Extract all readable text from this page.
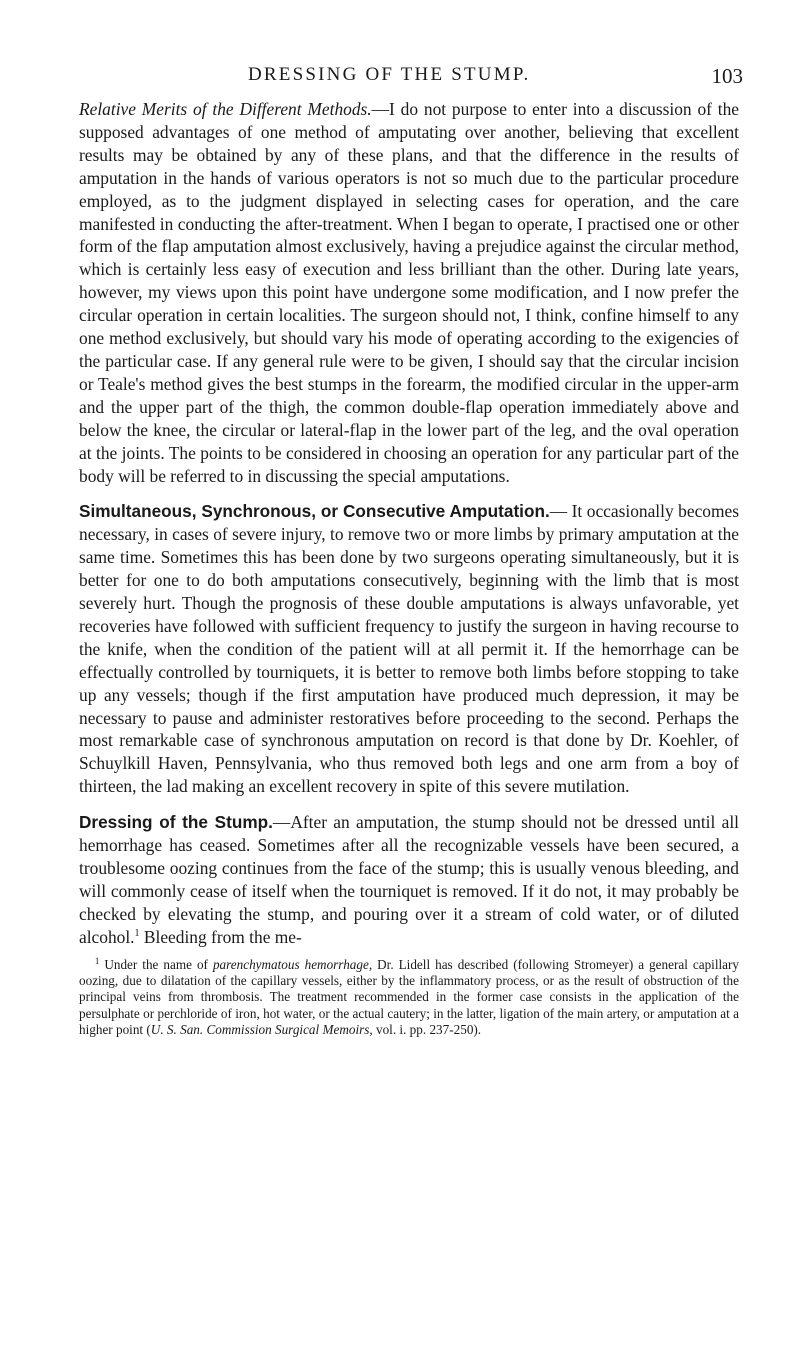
DRESSING OF THE STUMP.	103

Relative Merits of the Different Methods.—I do not purpose to enter into a discussion of the supposed advantages of one method of amputating over another, believing that excellent results may be obtained by any of these plans, and that the difference in the results of amputation in the hands of various operators is not so much due to the particular procedure employed, as to the judgment displayed in selecting cases for operation, and the care manifested in conducting the after-treatment. When I began to operate, I practised one or other form of the flap amputation almost exclusively, having a prejudice against the circular method, which is certainly less easy of execution and less brilliant than the other. During late years, however, my views upon this point have undergone some modification, and I now prefer the circular operation in certain localities. The surgeon should not, I think, confine himself to any one method exclusively, but should vary his mode of operating according to the exigencies of the particular case. If any general rule were to be given, I should say that the circular incision or Teale's method gives the best stumps in the forearm, the modified circular in the upper-arm and the upper part of the thigh, the common double-flap operation immediately above and below the knee, the circular or lateral-flap in the lower part of the leg, and the oval operation at the joints. The points to be considered in choosing an operation for any particular part of the body will be referred to in discussing the special amputations.

Simultaneous, Synchronous, or Consecutive Amputation.— It occasionally becomes necessary, in cases of severe injury, to remove two or more limbs by primary amputation at the same time. Sometimes this has been done by two surgeons operating simultaneously, but it is better for one to do both amputations consecutively, beginning with the limb that is most severely hurt. Though the prognosis of these double amputations is always unfavorable, yet recoveries have followed with sufficient frequency to justify the surgeon in having recourse to the knife, when the condition of the patient will at all permit it. If the hemorrhage can be effectually controlled by tourniquets, it is better to remove both limbs before stopping to take up any vessels; though if the first amputation have produced much depression, it may be necessary to pause and administer restoratives before proceeding to the second. Perhaps the most remarkable case of synchronous amputation on record is that done by Dr. Koehler, of Schuylkill Haven, Pennsylvania, who thus removed both legs and one arm from a boy of thirteen, the lad making an excellent recovery in spite of this severe mutilation.

Dressing of the Stump.—After an amputation, the stump should not be dressed until all hemorrhage has ceased. Sometimes after all the recognizable vessels have been secured, a troublesome oozing continues from the face of the stump; this is usually venous bleeding, and will commonly cease of itself when the tourniquet is removed. If it do not, it may probably be checked by elevating the stump, and pouring over it a stream of cold water, or of diluted alcohol.$^1$ Bleeding from the me-

$^1$ Under the name of parenchymatous hemorrhage, Dr. Lidell has described (following Stromeyer) a general capillary oozing, due to dilatation of the capillary vessels, either by the inflammatory process, or as the result of obstruction of the principal veins from thrombosis. The treatment recommended in the former case consists in the application of the persulphate or perchloride of iron, hot water, or the actual cautery; in the latter, ligation of the main artery, or amputation at a higher point (U. S. San. Commission Surgical Memoirs, vol. i. pp. 237-250).
